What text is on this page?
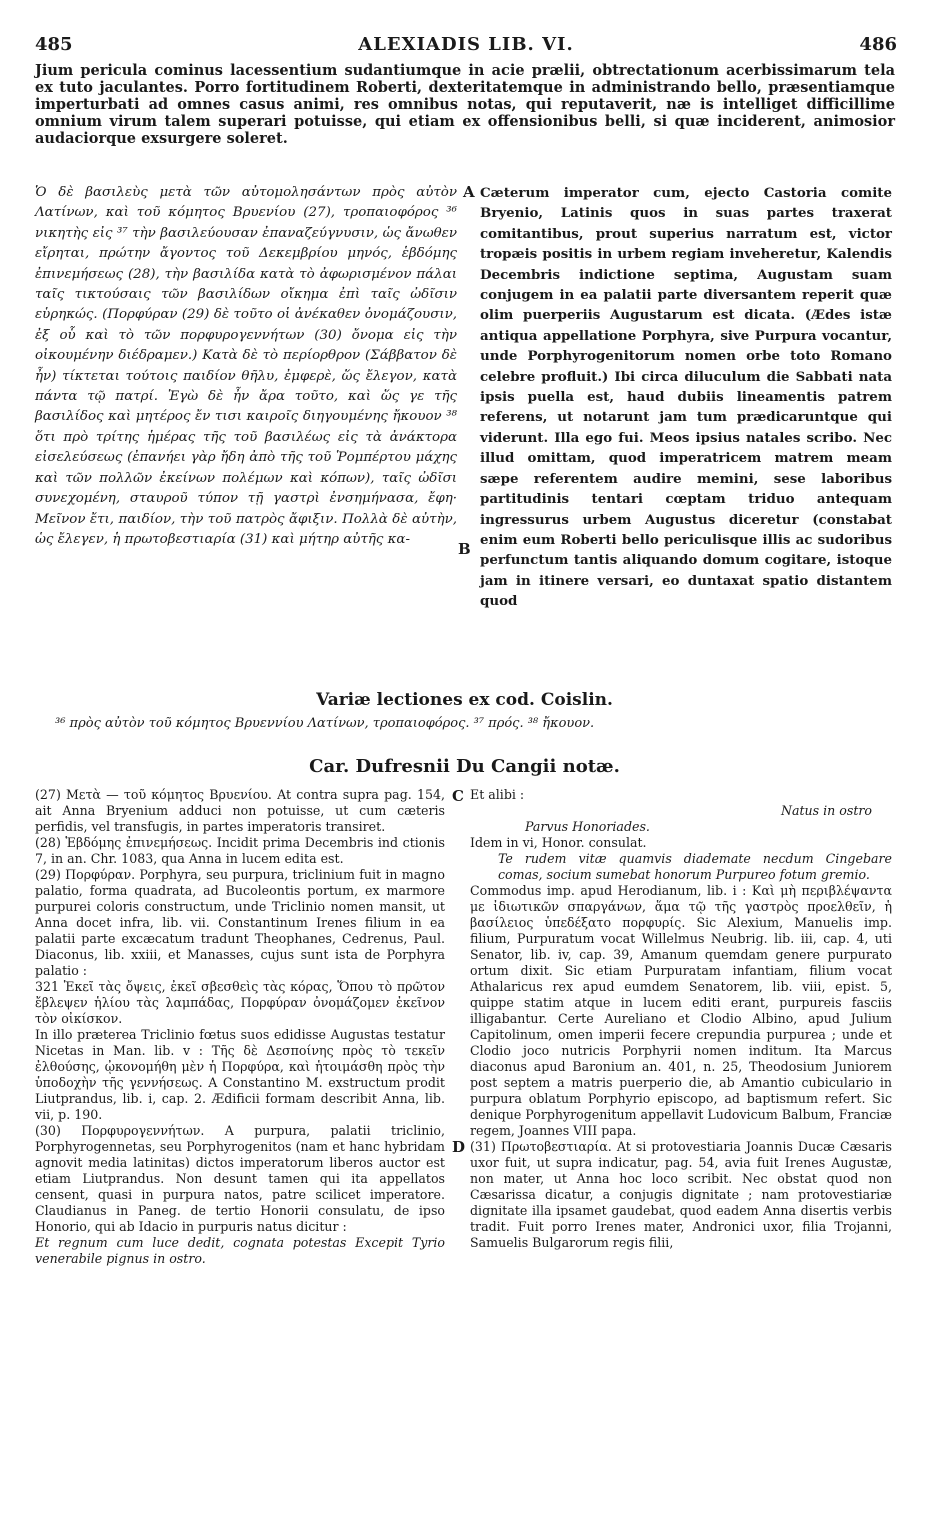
485	ALEXIADIS LIB. VI.	486
Jium pericula cominus lacessentium sudantiumque in acie prælii, obtrectationum acerbissimarum tela ex tuto jaculantes. Porro fortitudinem Roberti, dexteritatemque in administrando bello, præsentiamque imperturbati ad omnes casus animi, res omnibus notas, qui reputaverit, næ is intelliget difficillime omnium virum talem superari potuisse, qui etiam ex offensionibus belli, si quæ inciderent, animosior audaciorque exsurgere soleret.

Ὁ δὲ βασιλεὺς μετὰ τῶν αὐτομολησάντων πρὸς αὐτὸν Λατίνων, καὶ τοῦ κόμητος Βρυενίου (27), τροπαιοφόρος ³⁶ νικητὴς εἰς ³⁷ τὴν βασιλεύουσαν ἐπαναζεύγνυσιν, ὡς ἄνωθεν εἴρηται, πρώτην ἄγοντος τοῦ Δεκεμβρίου μηνός, ἑβδόμης ἐπινεμήσεως (28), τὴν βασιλίδα κατὰ τὸ ἀφωρισμένον πάλαι ταῖς τικτούσαις τῶν βασιλίδων οἴκημα ἐπὶ ταῖς ὠδῖσιν εὑρηκώς. (Πορφύραν (29) δὲ τοῦτο οἱ ἀνέκαθεν ὀνομάζουσιν, ἐξ οὗ καὶ τὸ τῶν πορφυρογεννήτων (30) ὄνομα εἰς τὴν οἰκουμένην διέδραμεν.) Κατὰ δὲ τὸ περίορθρον (Σάββατον δὲ ἦν) τίκτεται τούτοις παιδίον θῆλυ, ἐμφερὲ, ὥς ἔλεγον, κατὰ πάντα τῷ πατρί. Ἐγὼ δὲ ἦν ἄρα τοῦτο, καὶ ὥς γε τῆς βασιλίδος καὶ μητέρος ἔν τισι καιροῖς διηγουμένης ἤκουον ³⁸ ὅτι πρὸ τρίτης ἡμέρας τῆς τοῦ βασιλέως εἰς τὰ ἀνάκτορα εἰσελεύσεως (ἐπανήει γὰρ ἤδη ἀπὸ τῆς τοῦ Ῥομπέρτου μάχης καὶ τῶν πολλῶν ἐκείνων πολέμων καὶ κόπων), ταῖς ὠδῖσι συνεχομένη, σταυροῦ τύπον τῇ γαστρὶ ἐνσημήνασα, ἔφη· Μεῖνον ἔτι, παιδίον, τὴν τοῦ πατρὸς ἄφιξιν. Πολλὰ δὲ αὐτὴν, ὡς ἔλεγεν, ἡ πρωτοβεστιαρία (31) καὶ μήτηρ αὐτῆς κα-

Cæterum imperator cum, ejecto Castoria comite Bryenio, Latinis quos in suas partes traxerat comitantibus, prout superius narratum est, victor tropæis positis in urbem regiam inveheretur, Kalendis Decembris indictione septima, Augustam suam conjugem in ea palatii parte diversantem reperit quæ olim puerperiis Augustarum est dicata. (Ædes istæ antiqua appellatione Porphyra, sive Purpura vocantur, unde Porphyrogenitorum nomen orbe toto Romano celebre profluit.) Ibi circa diluculum die Sabbati nata ipsis puella est, haud dubiis lineamentis patrem referens, ut notarunt jam tum prædicaruntque qui viderunt. Illa ego fui. Meos ipsius natales scribo. Nec illud omittam, quod imperatricem matrem meam sæpe referentem audire memini, sese laboribus partitudinis tentari cœptam triduo antequam ingressurus urbem Augustus diceretur (constabat enim eum Roberti bello periculisque illis ac sudoribus perfunctum tantis aliquando domum cogitare, istoque jam in itinere versari, eo duntaxat spatio distantem quod

A
B
Variæ lectiones ex cod. Coislin.
³⁶ πρὸς αὐτὸν τοῦ κόμητος Βρυεννίου Λατίνων, τροπαιοφόρος. ³⁷ πρός. ³⁸ ἤκουον.
Car. Dufresnii Du Cangii notæ.
C
D

(27) Μετὰ — τοῦ κόμητος Βρυενίου. At contra supra pag. 154, ait Anna Bryenium adduci non potuisse, ut cum cæteris perfidis, vel transfugis, in partes imperatoris transiret.

(28) Ἑβδόμης ἐπινεμήσεως. Incidit prima Decembris ind ctionis 7, in an. Chr. 1083, qua Anna in lucem edita est.

(29) Πορφύραν. Porphyra, seu purpura, triclinium fuit in magno palatio, forma quadrata, ad Bucoleontis portum, ex marmore purpurei coloris constructum, unde Triclinio nomen mansit, ut Anna docet infra, lib. vii. Constantinum Irenes filium in ea palatii parte excæcatum tradunt Theophanes, Cedrenus, Paul. Diaconus, lib. xxiii, et Manasses, cujus sunt ista de Porphyra palatio :

321 Ἐκεῖ τὰς ὄψεις, ἐκεῖ σβεσθεὶς τὰς κόρας, Ὅπου τὸ πρῶτον ἔβλεψεν ἡλίου τὰς λαμπάδας, Πορφύραν ὀνομάζομεν ἐκεῖνον τὸν οἰκίσκον.

In illo præterea Triclinio fœtus suos edidisse Augustas testatur Nicetas in Man. lib. v : Τῆς δὲ Δεσποίνης πρὸς τὸ τεκεῖν ἐλθούσης, ᾠκονομήθη μὲν ἡ Πορφύρα, καὶ ἡτοιμάσθη πρὸς τὴν ὑποδοχὴν τῆς γεννήσεως. A Constantino M. exstructum prodit Liutprandus, lib. i, cap. 2. Ædificii formam describit Anna, lib. vii, p. 190.

(30) Πορφυρογεννήτων. A purpura, palatii triclinio, Porphyrogennetas, seu Porphyrogenitos (nam et hanc hybridam agnovit media latinitas) dictos imperatorum liberos auctor est etiam Liutprandus. Non desunt tamen qui ita appellatos censent, quasi in purpura natos, patre scilicet imperatore. Claudianus in Paneg. de tertio Honorii consulatu, de ipso Honorio, qui ab Idacio in purpuris natus dicitur :

Et regnum cum luce dedit, cognata potestas Excepit Tyrio venerabile pignus in ostro.

Et alibi :

Natus in ostro

Parvus Honoriades.

Idem in vi, Honor. consulat.

Te rudem vitæ quamvis diademate necdum Cingebare comas, socium sumebat honorum Purpureo fotum gremio.

Commodus imp. apud Herodianum, lib. i : Καὶ μὴ περιβλέψαντα με ἰδιωτικῶν σπαργάνων, ἅμα τῷ τῆς γαστρὸς προελθεῖν, ἡ βασίλειος ὑπεδέξατο πορφυρίς. Sic Alexium, Manuelis imp. filium, Purpuratum vocat Willelmus Neubrig. lib. iii, cap. 4, uti Senator, lib. iv, cap. 39, Amanum quemdam genere purpurato ortum dixit. Sic etiam Purpuratam infantiam, filium vocat Athalaricus rex apud eumdem Senatorem, lib. viii, epist. 5, quippe statim atque in lucem editi erant, purpureis fasciis illigabantur. Certe Aureliano et Clodio Albino, apud Julium Capitolinum, omen imperii fecere crepundia purpurea ; unde et Clodio joco nutricis Porphyrii nomen inditum. Ita Marcus diaconus apud Baronium an. 401, n. 25, Theodosium Juniorem post septem a matris puerperio die, ab Amantio cubiculario in purpura oblatum Porphyrio episcopo, ad baptismum refert. Sic denique Porphyrogenitum appellavit Ludovicum Balbum, Franciæ regem, Joannes VIII papa.

(31) Πρωτοβεστιαρία. At si protovestiaria Joannis Ducæ Cæsaris uxor fuit, ut supra indicatur, pag. 54, avia fuit Irenes Augustæ, non mater, ut Anna hoc loco scribit. Nec obstat quod non Cæsarissa dicatur, a conjugis dignitate ; nam protovestiariæ dignitate illa ipsamet gaudebat, quod eadem Anna disertis verbis tradit. Fuit porro Irenes mater, Andronici uxor, filia Trojanni, Samuelis Bulgarorum regis filii,
